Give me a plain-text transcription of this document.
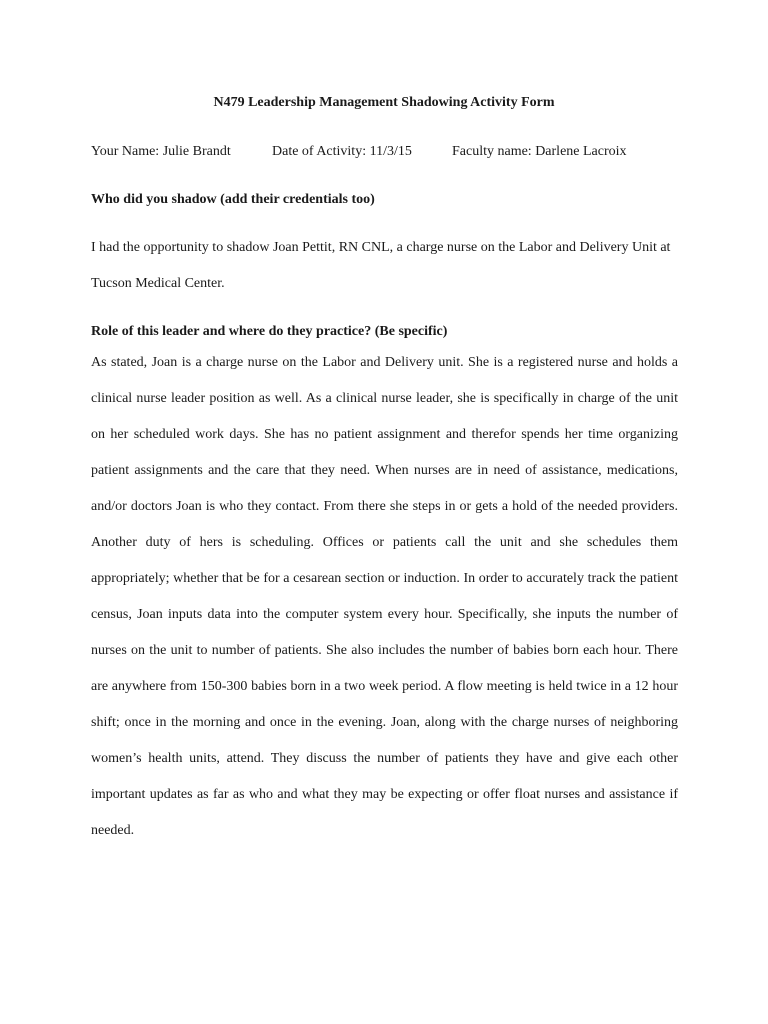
N479 Leadership Management Shadowing Activity Form
Your Name: Julie Brandt	Date of Activity: 11/3/15	Faculty name: Darlene Lacroix
Who did you shadow (add their credentials too)

I had the opportunity to shadow Joan Pettit, RN CNL, a charge nurse on the Labor and Delivery Unit at Tucson Medical Center.

Role of this leader and where do they practice? (Be specific)

As stated, Joan is a charge nurse on the Labor and Delivery unit. She is a registered nurse and holds a clinical nurse leader position as well. As a clinical nurse leader, she is specifically in charge of the unit on her scheduled work days. She has no patient assignment and therefor spends her time organizing patient assignments and the care that they need. When nurses are in need of assistance, medications, and/or doctors Joan is who they contact. From there she steps in or gets a hold of the needed providers. Another duty of hers is scheduling. Offices or patients call the unit and she schedules them appropriately; whether that be for a cesarean section or induction. In order to accurately track the patient census, Joan inputs data into the computer system every hour. Specifically, she inputs the number of nurses on the unit to number of patients. She also includes the number of babies born each hour. There are anywhere from 150-300 babies born in a two week period. A flow meeting is held twice in a 12 hour shift; once in the morning and once in the evening. Joan, along with the charge nurses of neighboring women’s health units, attend. They discuss the number of patients they have and give each other important updates as far as who and what they may be expecting or offer float nurses and assistance if needed.
